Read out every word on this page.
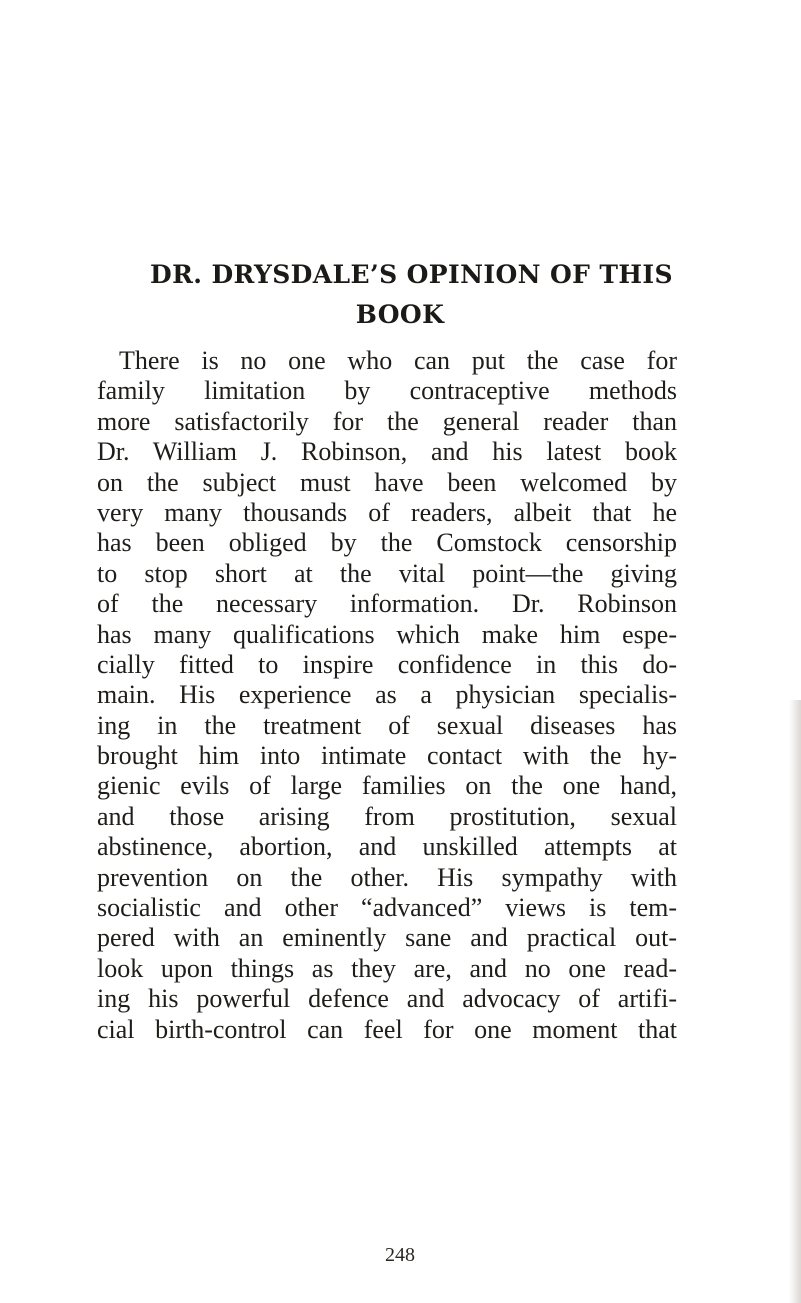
DR. DRYSDALE’S OPINION OF THIS
BOOK
There is no one who can put the case for
family limitation by contraceptive methods
more satisfactorily for the general reader than
Dr. William J. Robinson, and his latest book
on the subject must have been welcomed by
very many thousands of readers, albeit that he
has been obliged by the Comstock censorship
to stop short at the vital point—the giving
of the necessary information. Dr. Robinson
has many qualifications which make him espe-
cially fitted to inspire confidence in this do-
main. His experience as a physician specialis-
ing in the treatment of sexual diseases has
brought him into intimate contact with the hy-
gienic evils of large families on the one hand,
and those arising from prostitution, sexual
abstinence, abortion, and unskilled attempts at
prevention on the other. His sympathy with
socialistic and other “advanced” views is tem-
pered with an eminently sane and practical out-
look upon things as they are, and no one read-
ing his powerful defence and advocacy of artifi-
cial birth-control can feel for one moment that
248
